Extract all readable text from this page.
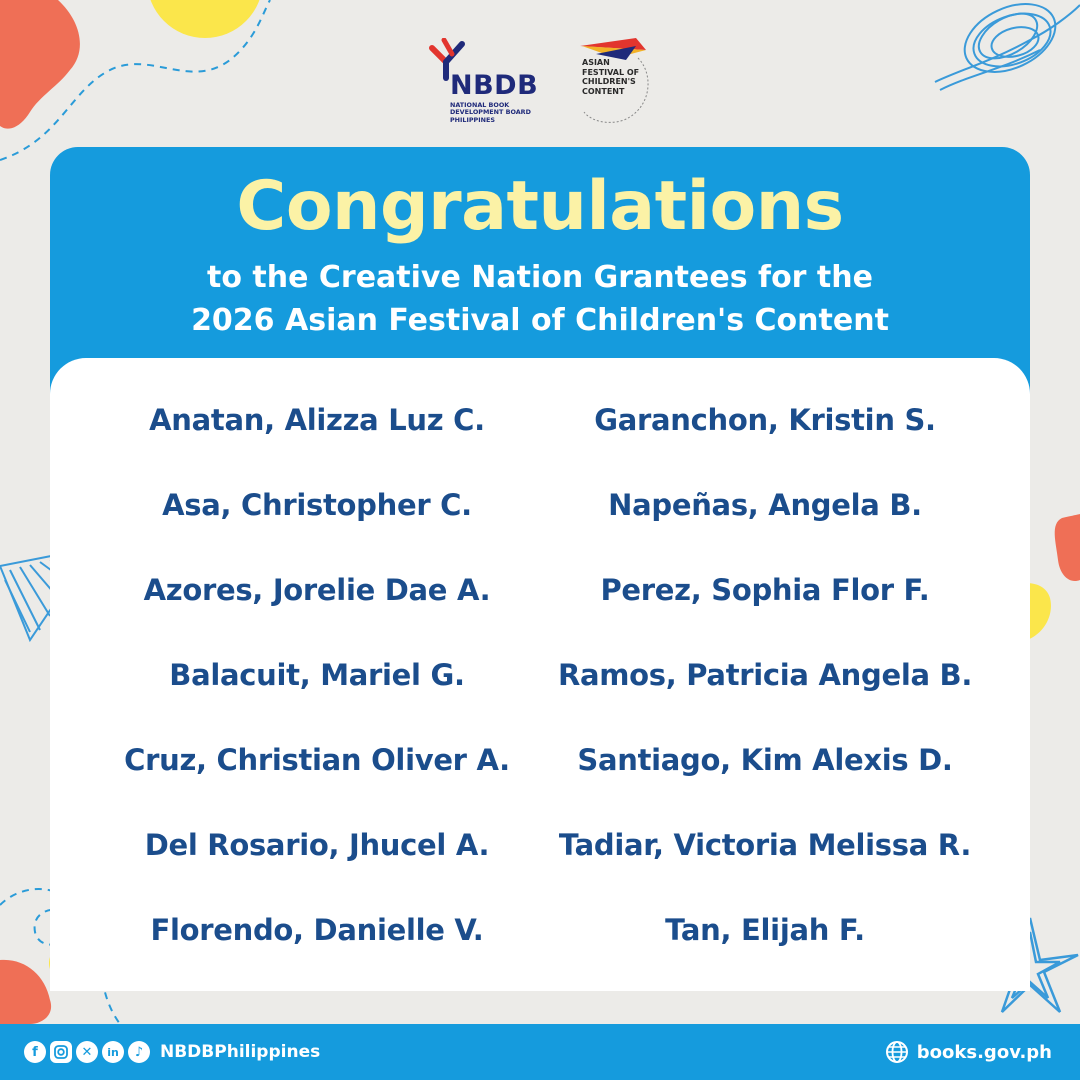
NBDB
NATIONAL BOOK
DEVELOPMENT BOARD
PHILIPPINES
ASIAN
FESTIVAL OF
CHILDREN'S
CONTENT
Congratulations
to the Creative Nation Grantees for the
2026 Asian Festival of Children's Content
Anatan, Alizza Luz C.
Asa, Christopher C.
Azores, Jorelie Dae A.
Balacuit, Mariel G.
Cruz, Christian Oliver A.
Del Rosario, Jhucel A.
Florendo, Danielle V.
Garanchon, Kristin S.
Napeñas, Angela B.
Perez, Sophia Flor F.
Ramos, Patricia Angela B.
Santiago, Kim Alexis D.
Tadiar, Victoria Melissa R.
Tan, Elijah F.
f	✕	in	♪ NBDBPhilippines	books.gov.ph
